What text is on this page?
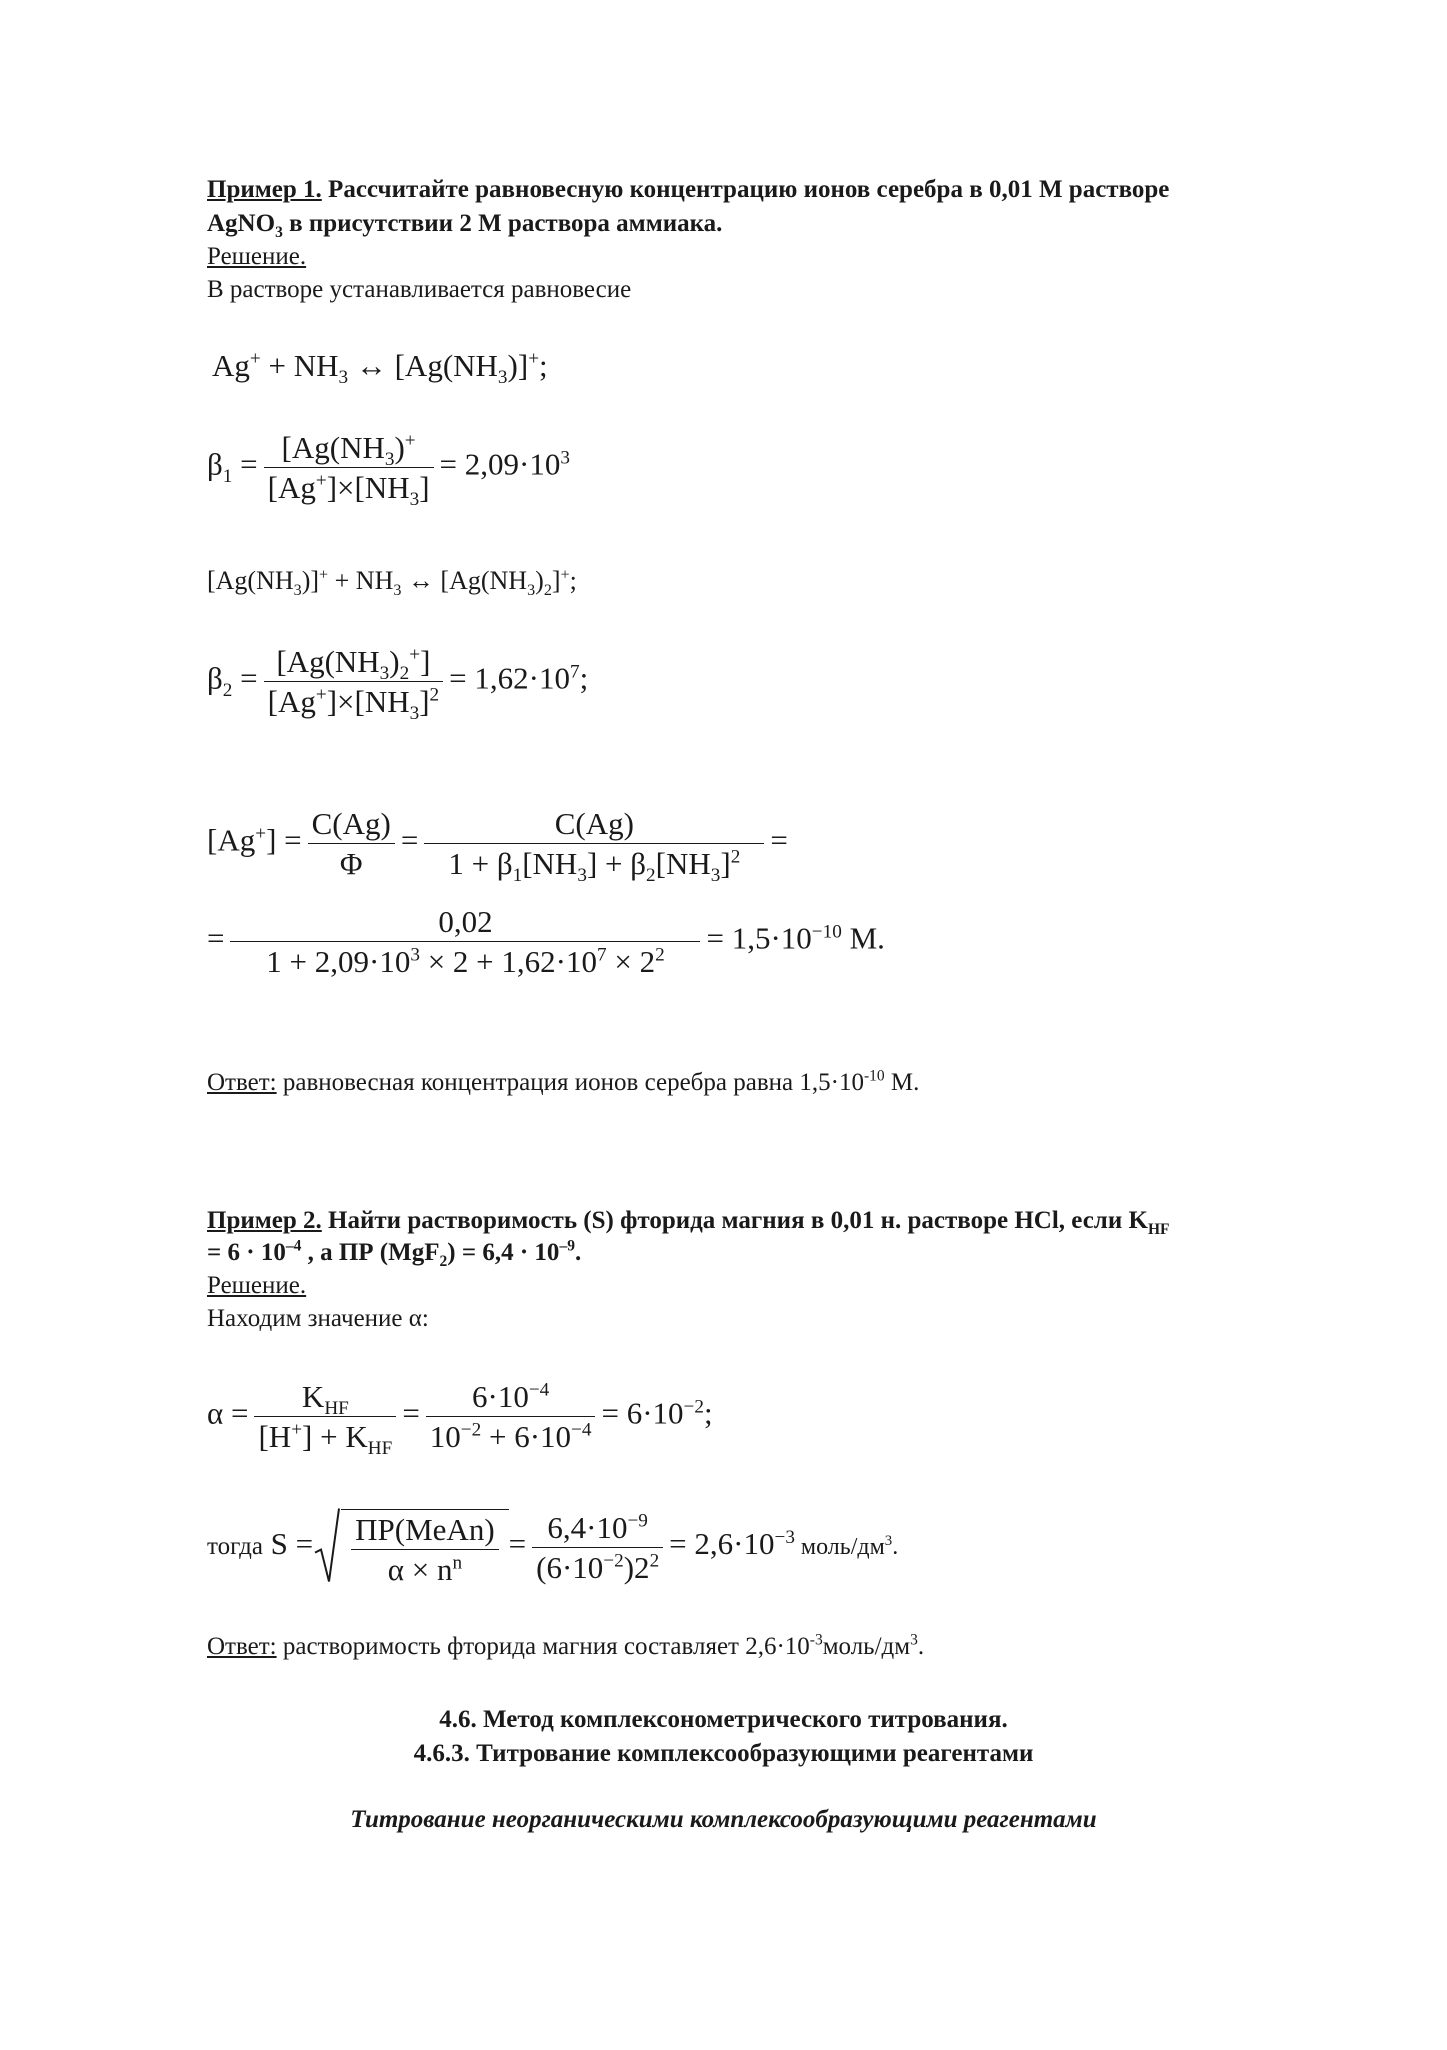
Пример 1. Рассчитайте равновесную концентрацию ионов серебра в 0,01 М растворе
AgNO$_3$ в присутствии 2 М раствора аммиака.
Решение.
В растворе устанавливается равновесие
$Ag^+ + NH_3$ ↔ $[Ag(NH_3)]^+$;
$\beta_1 = \frac{[Ag(NH_3)^+}{[Ag^+]\times[NH_3]} = 2,09\cdot 10^3$
$[Ag(NH_3)]^+ + NH_3$ ↔ $[Ag(NH_3)_2]^+$;
$\beta_2 = \frac{[Ag(NH_3)_2^+]}{[Ag^+]\times[NH_3]^2} = 1,62\cdot 10^7$;
$[Ag^+] = \frac{C(Ag)}{\Phi} = \frac{C(Ag)}{1 + \beta_1[NH_3] + \beta_2[NH_3]^2}$ =
= $\frac{0,02}{1 + 2,09\cdot 10^3 \times 2 + 1,62\cdot 10^7 \times 2^2} = 1,5\cdot 10^{-10}$ М.
Ответ: равновесная концентрация ионов серебра равна $1,5\cdot 10^{-10}$ М.
Пример 2. Найти растворимость (S) фторида магния в 0,01 н. растворе HCl, если $K_{HF}$
= $6 \cdot 10^{-4}$ , а ПР $(MgF_2) = 6,4 \cdot 10^{-9}$.
Решение.
Находим значение α:
$\alpha = \frac{K_{HF}}{[H^+] + K_{HF}} = \frac{6\cdot 10^{-4}}{10^{-2} + 6\cdot 10^{-4}} = 6\cdot 10^{-2}$;
тогда $S = \frac{\text{ПР(MeAn)}}{\alpha \times n^n} = \frac{6,4\cdot 10^{-9}}{(6\cdot 10^{-2})2^2} = 2,6\cdot 10^{-3}$ моль/$дм^3$.
Ответ: растворимость фторида магния составляет $2,6\cdot 10^{-3}моль/дм^3$.
4.6. Метод комплексонометрического титрования.
4.6.3. Титрование комплексообразующими реагентами
Титрование неорганическими комплексообразующими реагентами
